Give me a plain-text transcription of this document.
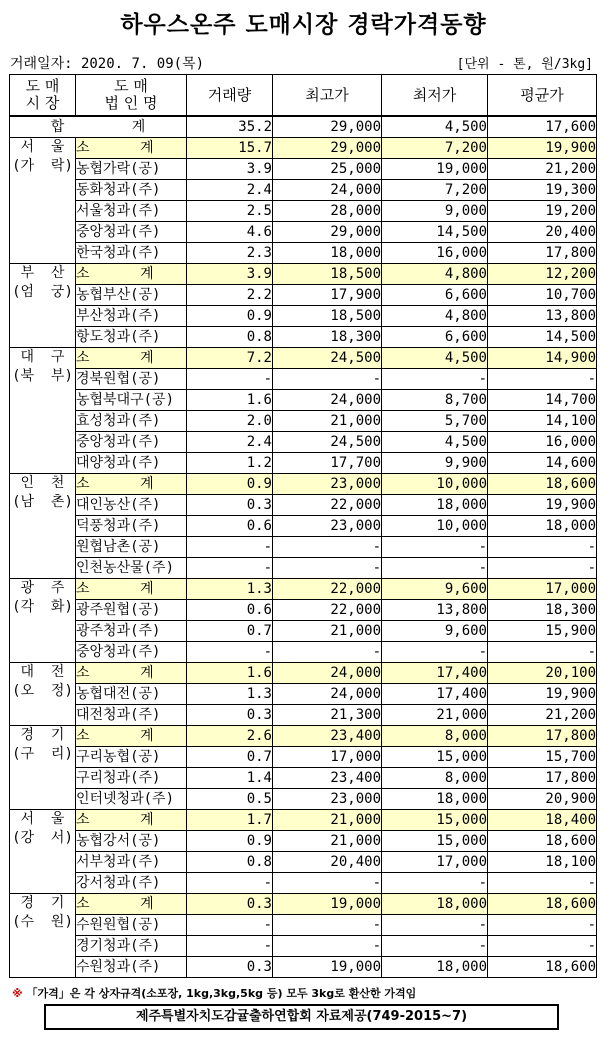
하우스온주 도매시장 경락가격동향
거래일자: 2020. 7. 09(목)	[단위 - 톤, 원/3kg]
도 매
시 장	도 매
법 인 명	거래량	최고가	최저가	평균가
합        계		35.2	29,000	4,500	17,600

서  울
(가  락)	소      계	15.7	29,000	7,200	19,900
	농협가락(공)	3.9	25,000	19,000	21,200
	동화청과(주)	2.4	24,000	7,200	19,300
	서울청과(주)	2.5	28,000	9,000	19,200
	중앙청과(주)	4.6	29,000	14,500	20,400
	한국청과(주)	2.3	18,000	16,000	17,800

부  산
(엄  궁)	소      계	3.9	18,500	4,800	12,200
	농협부산(공)	2.2	17,900	6,600	10,700
	부산청과(주)	0.9	18,500	4,800	13,800
	항도청과(주)	0.8	18,300	6,600	14,500

대  구
(북  부)	소      계	7.2	24,500	4,500	14,900
	경북원협(공)	-	-	-	-
	농협북대구(공)	1.6	24,000	8,700	14,700
	효성청과(주)	2.0	21,000	5,700	14,100
	중앙청과(주)	2.4	24,500	4,500	16,000
	대양청과(주)	1.2	17,700	9,900	14,600

인  천
(남  촌)	소      계	0.9	23,000	10,000	18,600
	대인농산(주)	0.3	22,000	18,000	19,900
	덕풍청과(주)	0.6	23,000	10,000	18,000
	원협남촌(공)	-	-	-	-
	인천농산물(주)	-	-	-	-

광  주
(각  화)	소      계	1.3	22,000	9,600	17,000
	광주원협(공)	0.6	22,000	13,800	18,300
	광주청과(주)	0.7	21,000	9,600	15,900
	중앙청과(주)	-	-	-	-

대  전
(오  정)	소      계	1.6	24,000	17,400	20,100
	농협대전(공)	1.3	24,000	17,400	19,900
	대전청과(주)	0.3	21,300	21,000	21,200

경  기
(구  리)	소      계	2.6	23,400	8,000	17,800
	구리농협(공)	0.7	17,000	15,000	15,700
	구리청과(주)	1.4	23,400	8,000	17,800
	인터넷청과(주)	0.5	23,000	18,000	20,900

서  울
(강  서)	소      계	1.7	21,000	15,000	18,400
	농협강서(공)	0.9	21,000	15,000	18,600
	서부청과(주)	0.8	20,400	17,000	18,100
	강서청과(주)	-	-	-	-

경  기
(수  원)	소      계	0.3	19,000	18,000	18,600
	수원원협(공)	-	-	-	-
	경기청과(주)	-	-	-	-
	수원청과(주)	0.3	19,000	18,000	18,600
※ 「가격」은 각 상자규격(소포장, 1kg,3kg,5kg 등) 모두 3kg로 환산한 가격임
제주특별자치도감귤출하연합회 자료제공(749-2015~7)
